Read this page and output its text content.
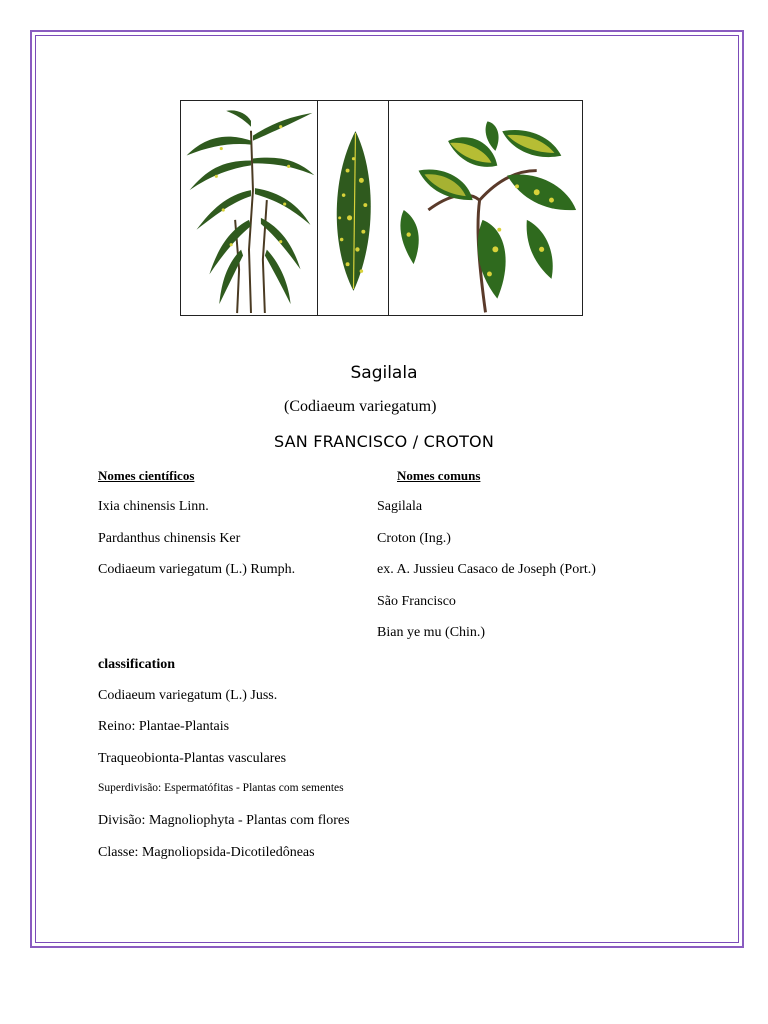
Sagilala

(Codiaeum variegatum)

SAN FRANCISCO / CROTON

Nomes científicos	Nomes comuns

Ixia chinensis Linn.

Pardanthus chinensis Ker

Codiaeum variegatum (L.) Rumph.

Sagilala

Croton (Ing.)

ex. A. Jussieu Casaco de Joseph (Port.)

São Francisco

Bian ye mu (Chin.)

classification

Codiaeum variegatum (L.) Juss.

Reino: Plantae-Plantais

Traqueobionta-Plantas vasculares

Superdivisão: Espermatófitas - Plantas com sementes

Divisão: Magnoliophyta - Plantas com flores

Classe: Magnoliopsida-Dicotiledôneas
